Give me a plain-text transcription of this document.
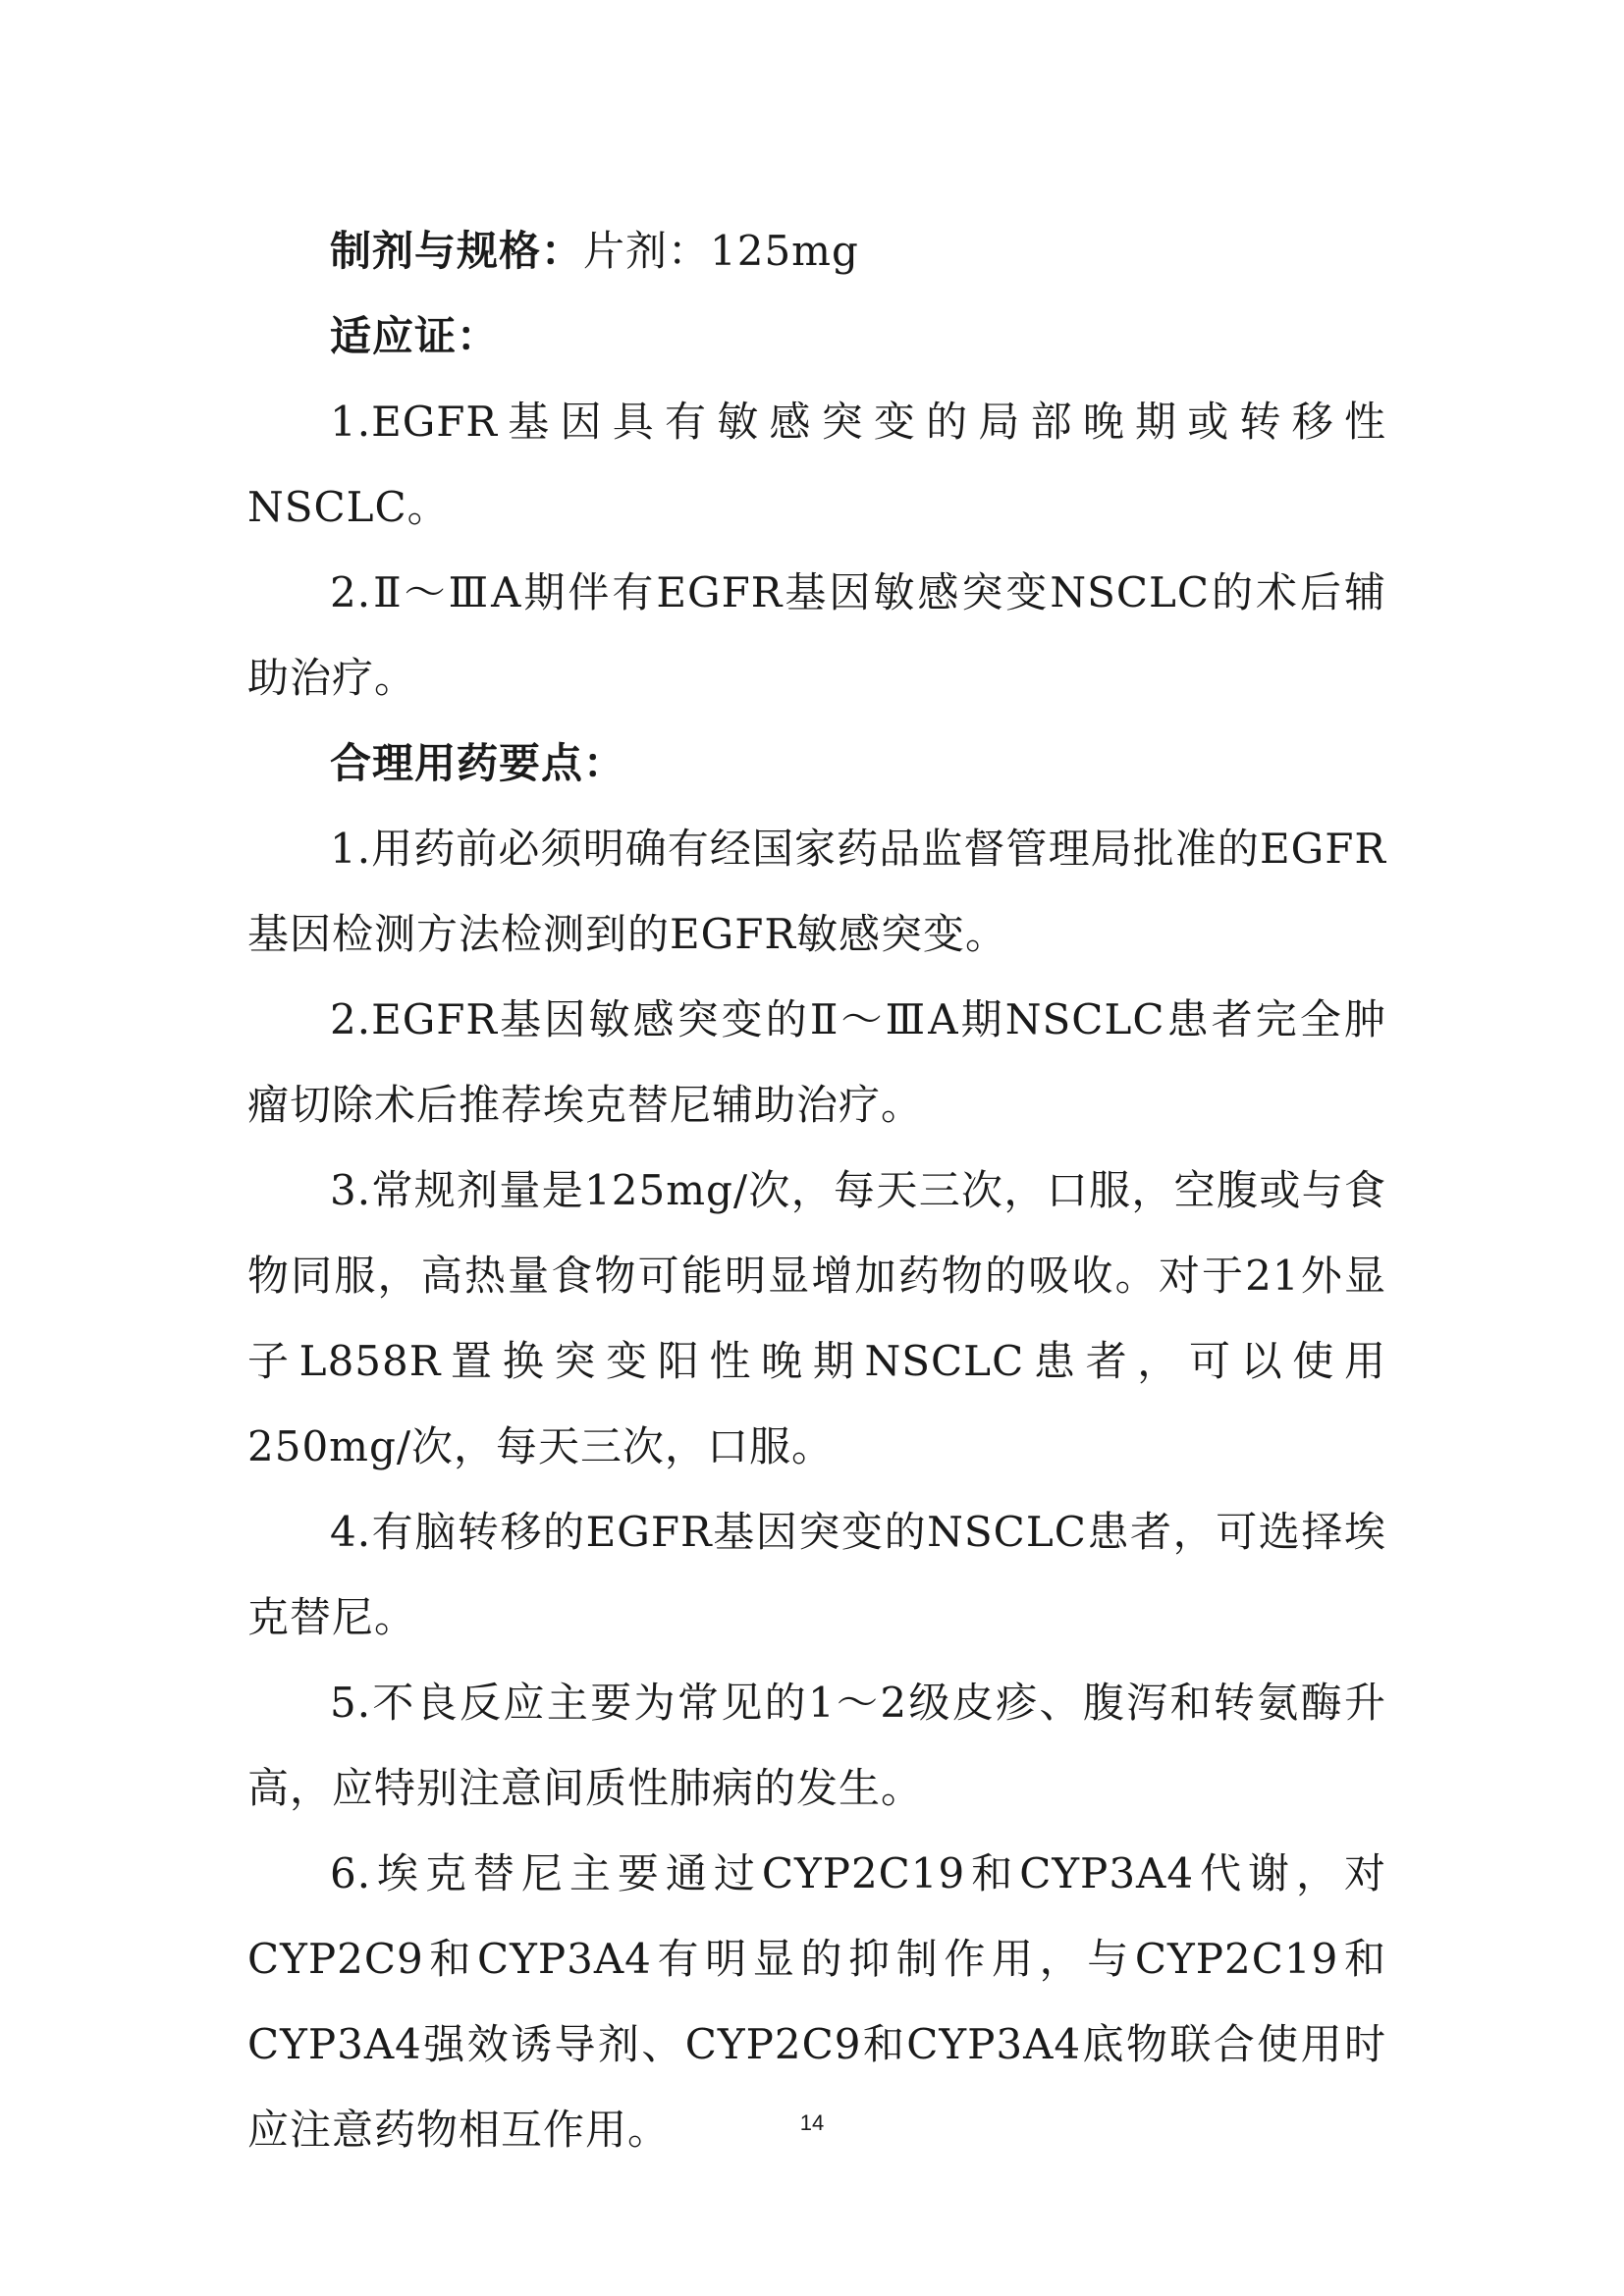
制剂与规格：片剂：125mg

适应证：

1.EGFR基因具有敏感突变的局部晚期或转移性NSCLC。

2.Ⅱ～ⅢA期伴有EGFR基因敏感突变NSCLC的术后辅助治疗。

合理用药要点：

1.用药前必须明确有经国家药品监督管理局批准的EGFR基因检测方法检测到的EGFR敏感突变。

2.EGFR基因敏感突变的Ⅱ～ⅢA期NSCLC患者完全肿瘤切除术后推荐埃克替尼辅助治疗。

3.常规剂量是125mg/次，每天三次，口服，空腹或与食物同服，高热量食物可能明显增加药物的吸收。对于21外显子L858R置换突变阳性晚期NSCLC患者，可以使用250mg/次，每天三次，口服。

4.有脑转移的EGFR基因突变的NSCLC患者，可选择埃克替尼。

5.不良反应主要为常见的1～2级皮疹、腹泻和转氨酶升高，应特别注意间质性肺病的发生。

6.埃克替尼主要通过CYP2C19和CYP3A4代谢，对CYP2C9和CYP3A4有明显的抑制作用，与CYP2C19和CYP3A4强效诱导剂、CYP2C9和CYP3A4底物联合使用时应注意药物相互作用。	14
